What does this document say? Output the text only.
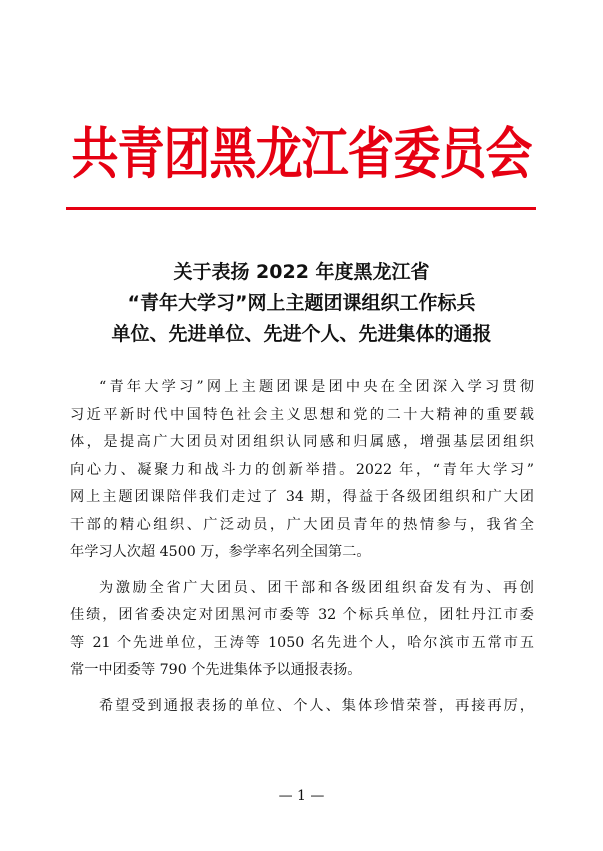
共青团黑龙江省委员会
关于表扬 2022 年度黑龙江省
“青年大学习”网上主题团课组织工作标兵
单位、先进单位、先进个人、先进集体的通报
“青年大学习”网上主题团课是团中央在全团深入学习贯彻
习近平新时代中国特色社会主义思想和党的二十大精神的重要载
体，是提高广大团员对团组织认同感和归属感，增强基层团组织
向心力、凝聚力和战斗力的创新举措。2022 年，“青年大学习”
网上主题团课陪伴我们走过了 34 期，得益于各级团组织和广大团
干部的精心组织、广泛动员，广大团员青年的热情参与，我省全
年学习人次超 4500 万，参学率名列全国第二。
为激励全省广大团员、团干部和各级团组织奋发有为、再创
佳绩，团省委决定对团黑河市委等 32 个标兵单位，团牡丹江市委
等 21 个先进单位，王涛等 1050 名先进个人，哈尔滨市五常市五
常一中团委等 790 个先进集体予以通报表扬。
希望受到通报表扬的单位、个人、集体珍惜荣誉，再接再厉，
— 1 —
